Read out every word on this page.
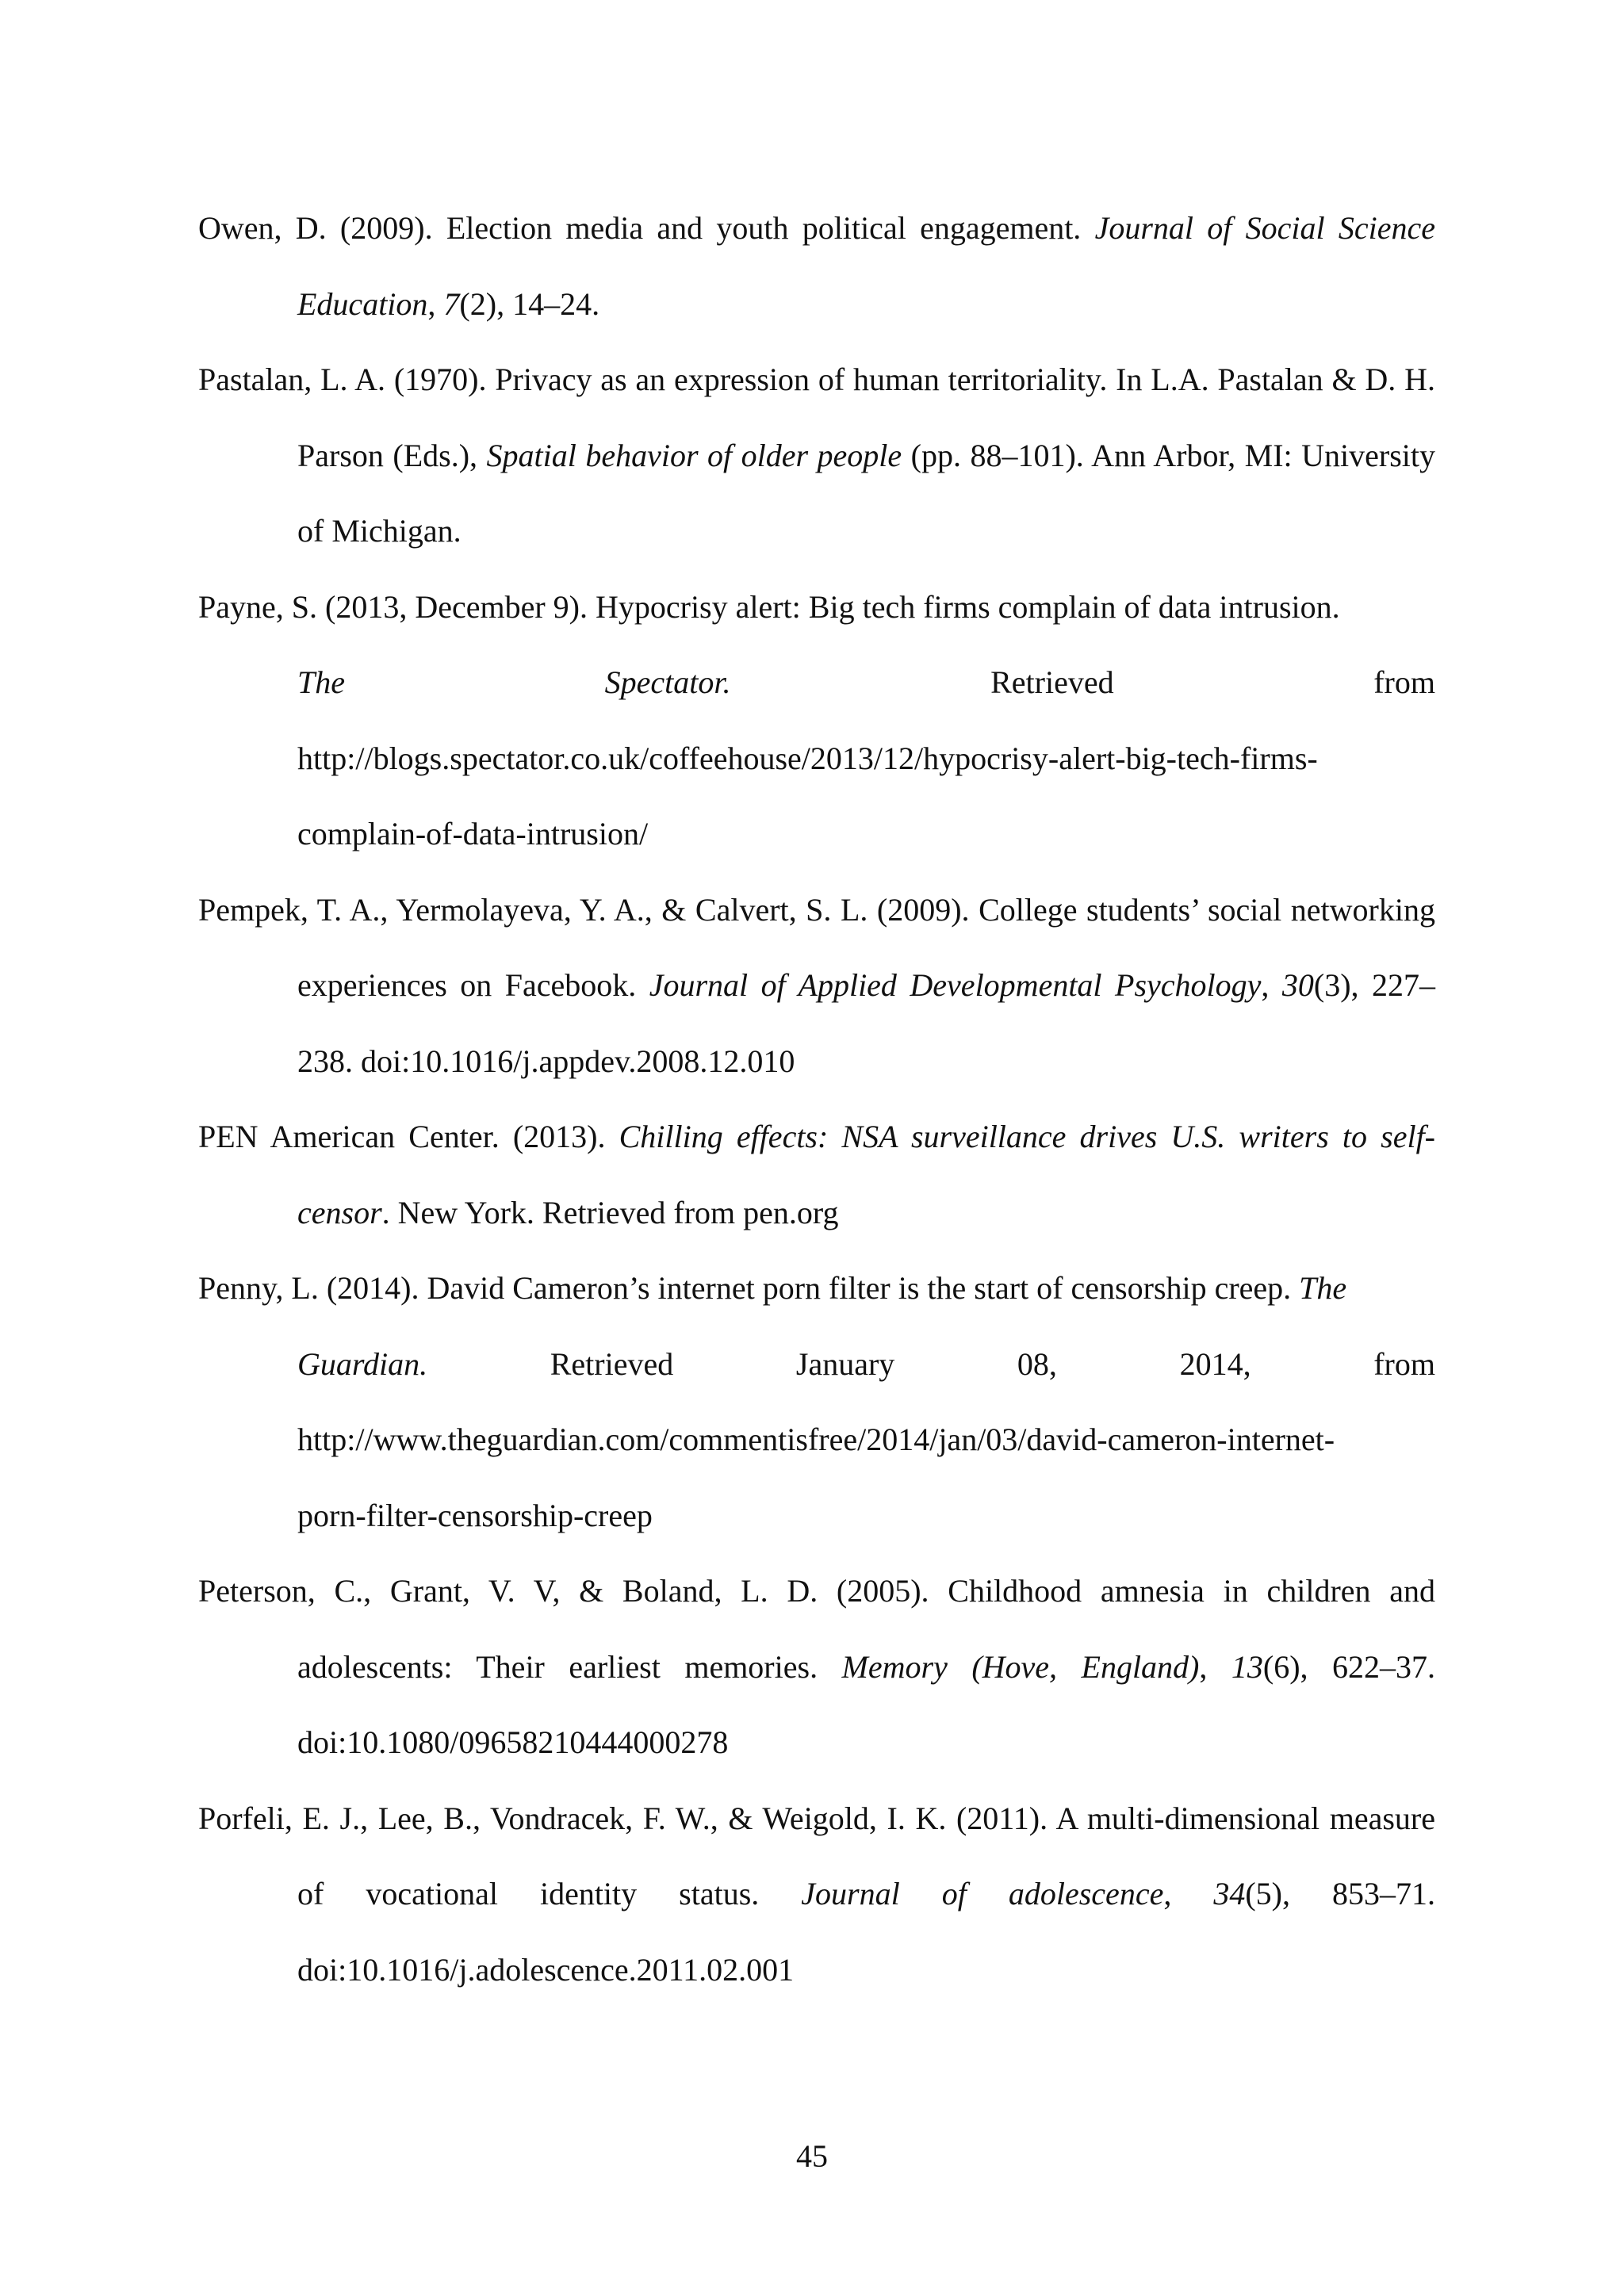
Owen, D. (2009). Election media and youth political engagement. Journal of Social Science Education, 7(2), 14–24.

Pastalan, L. A. (1970). Privacy as an expression of human territoriality. In L.A. Pastalan & D. H. Parson (Eds.), Spatial behavior of older people (pp. 88–101). Ann Arbor, MI: University of Michigan.

Payne, S. (2013, December 9). Hypocrisy alert: Big tech firms complain of data intrusion.
The	Spectator.	Retrieved	from
http://blogs.spectator.co.uk/coffeehouse/2013/12/hypocrisy-alert-big-tech-firms-
complain-of-data-intrusion/

Pempek, T. A., Yermolayeva, Y. A., & Calvert, S. L. (2009). College students’ social networking experiences on Facebook. Journal of Applied Developmental Psychology, 30(3), 227–238. doi:10.1016/j.appdev.2008.12.010

PEN American Center. (2013). Chilling effects: NSA surveillance drives U.S. writers to self-censor. New York. Retrieved from pen.org

Penny, L. (2014). David Cameron’s internet porn filter is the start of censorship creep. The
Guardian.	Retrieved	January	08,	2014,	from
http://www.theguardian.com/commentisfree/2014/jan/03/david-cameron-internet-
porn-filter-censorship-creep

Peterson, C., Grant, V. V, & Boland, L. D. (2005). Childhood amnesia in children and adolescents: Their earliest memories. Memory (Hove, England), 13(6), 622–37. doi:10.1080/09658210444000278

Porfeli, E. J., Lee, B., Vondracek, F. W., & Weigold, I. K. (2011). A multi-dimensional measure of vocational identity status. Journal of adolescence, 34(5), 853–71. doi:10.1016/j.adolescence.2011.02.001

45
